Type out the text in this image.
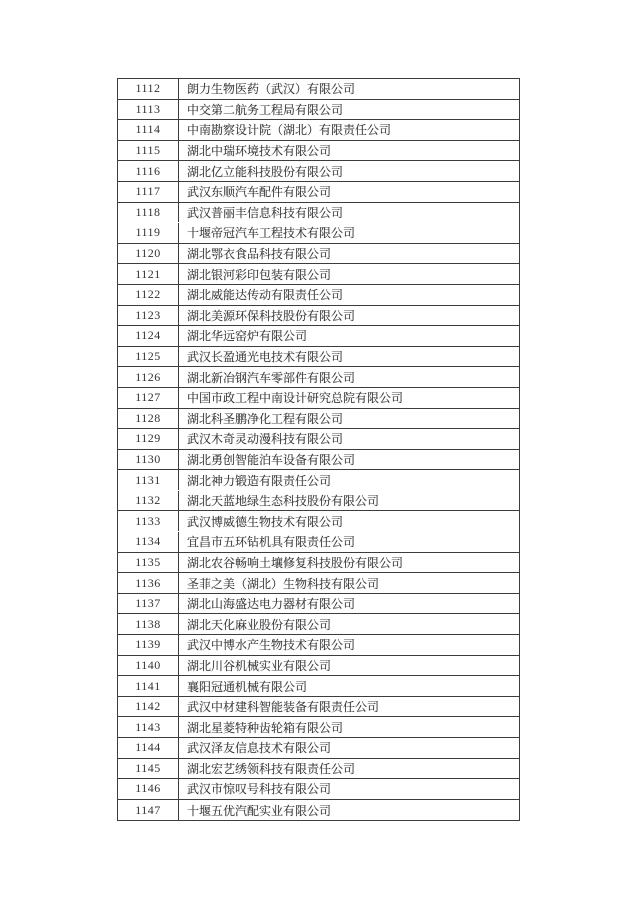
1112	朗力生物医药（武汉）有限公司
1113	中交第二航务工程局有限公司
1114	中南勘察设计院（湖北）有限责任公司
1115	湖北中瑞环境技术有限公司
1116	湖北亿立能科技股份有限公司
1117	武汉东顺汽车配件有限公司
1118	武汉普丽丰信息科技有限公司
1119	十堰帝冠汽车工程技术有限公司
1120	湖北鄂衣食品科技有限公司
1121	湖北银河彩印包装有限公司
1122	湖北威能达传动有限责任公司
1123	湖北美源环保科技股份有限公司
1124	湖北华远窑炉有限公司
1125	武汉长盈通光电技术有限公司
1126	湖北新冶钢汽车零部件有限公司
1127	中国市政工程中南设计研究总院有限公司
1128	湖北科圣鹏净化工程有限公司
1129	武汉木奇灵动漫科技有限公司
1130	湖北勇创智能泊车设备有限公司
1131	湖北神力锻造有限责任公司
1132	湖北天蓝地绿生态科技股份有限公司
1133	武汉博威德生物技术有限公司
1134	宜昌市五环钻机具有限责任公司
1135	湖北农谷畅响土壤修复科技股份有限公司
1136	圣菲之美（湖北）生物科技有限公司
1137	湖北山海盛达电力器材有限公司
1138	湖北天化麻业股份有限公司
1139	武汉中博水产生物技术有限公司
1140	湖北川谷机械实业有限公司
1141	襄阳冠通机械有限公司
1142	武汉中材建科智能装备有限责任公司
1143	湖北星菱特种齿轮箱有限公司
1144	武汉泽友信息技术有限公司
1145	湖北宏艺绣领科技有限责任公司
1146	武汉市惊叹号科技有限公司
1147	十堰五优汽配实业有限公司
